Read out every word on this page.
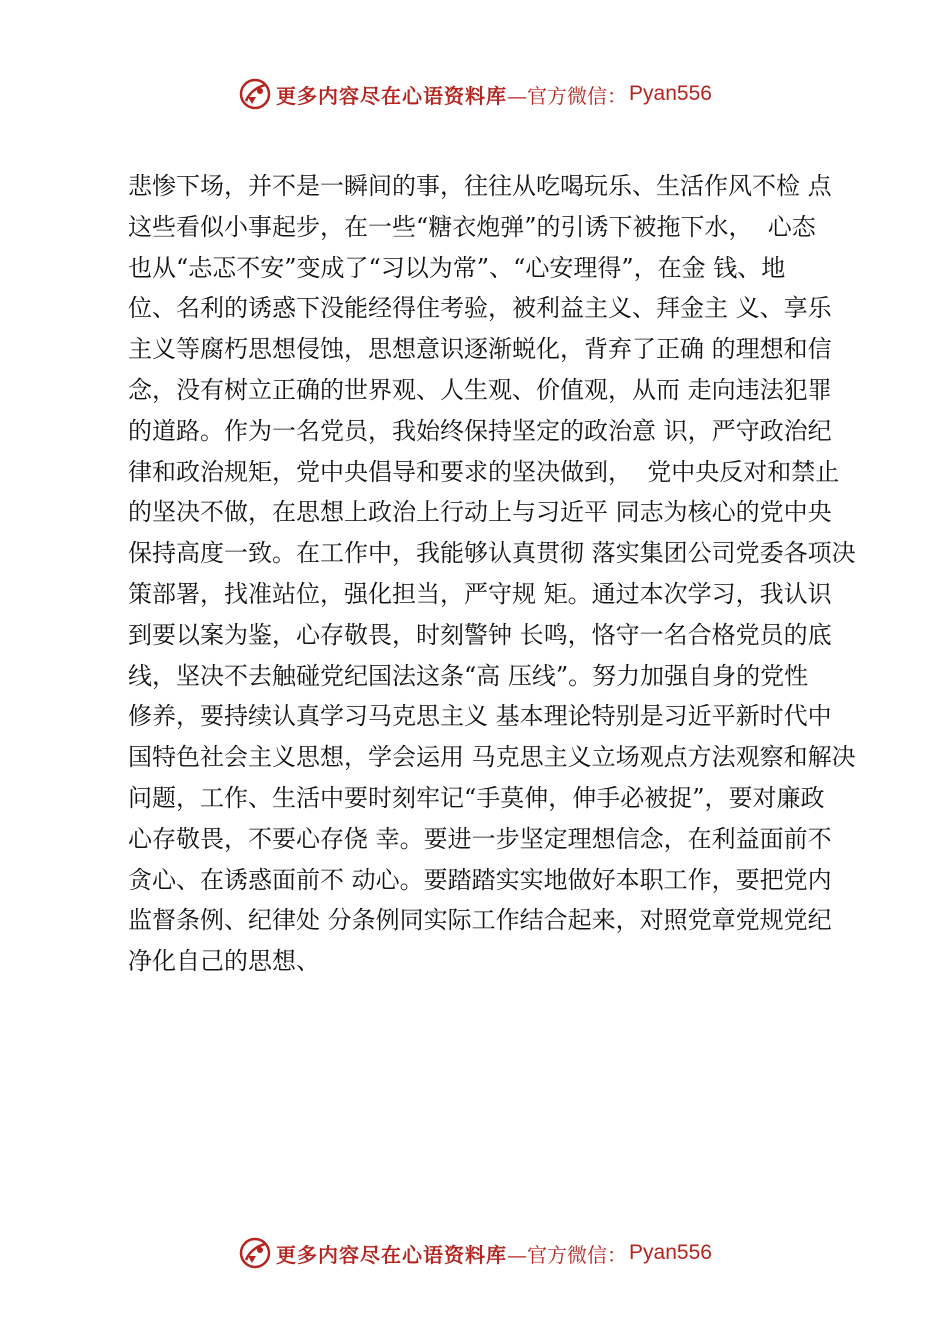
更多内容尽在心语资料库 —官方微信： Pyan556
悲惨下场，并不是一瞬间的事，往往从吃喝玩乐、生活作风不检 点
这些看似小事起步，在一些“糖衣炮弹”的引诱下被拖下水，  心态
也从“忐忑不安”变成了“习以为常”、“心安理得”，在金 钱、地
位、名利的诱惑下没能经得住考验，被利益主义、拜金主 义、享乐
主义等腐朽思想侵蚀，思想意识逐渐蜕化，背弃了正确 的理想和信
念，没有树立正确的世界观、人生观、价值观，从而 走向违法犯罪
的道路。作为一名党员，我始终保持坚定的政治意 识，严守政治纪
律和政治规矩，党中央倡导和要求的坚决做到，  党中央反对和禁止
的坚决不做，在思想上政治上行动上与习近平 同志为核心的党中央
保持高度一致。在工作中，我能够认真贯彻 落实集团公司党委各项决
策部署，找准站位，强化担当，严守规 矩。通过本次学习，我认识
到要以案为鉴，心存敬畏，时刻警钟 长鸣，恪守一名合格党员的底
线，坚决不去触碰党纪国法这条“高 压线”。努力加强自身的党性
修养，要持续认真学习马克思主义 基本理论特别是习近平新时代中
国特色社会主义思想，学会运用 马克思主义立场观点方法观察和解决
问题，工作、生活中要时刻牢记“手莫伸，伸手必被捉”，要对廉政
心存敬畏，不要心存侥 幸。要进一步坚定理想信念，在利益面前不
贪心、在诱惑面前不 动心。要踏踏实实地做好本职工作，要把党内
监督条例、纪律处 分条例同实际工作结合起来，对照党章党规党纪
净化自己的思想、
更多内容尽在心语资料库 —官方微信： Pyan556
